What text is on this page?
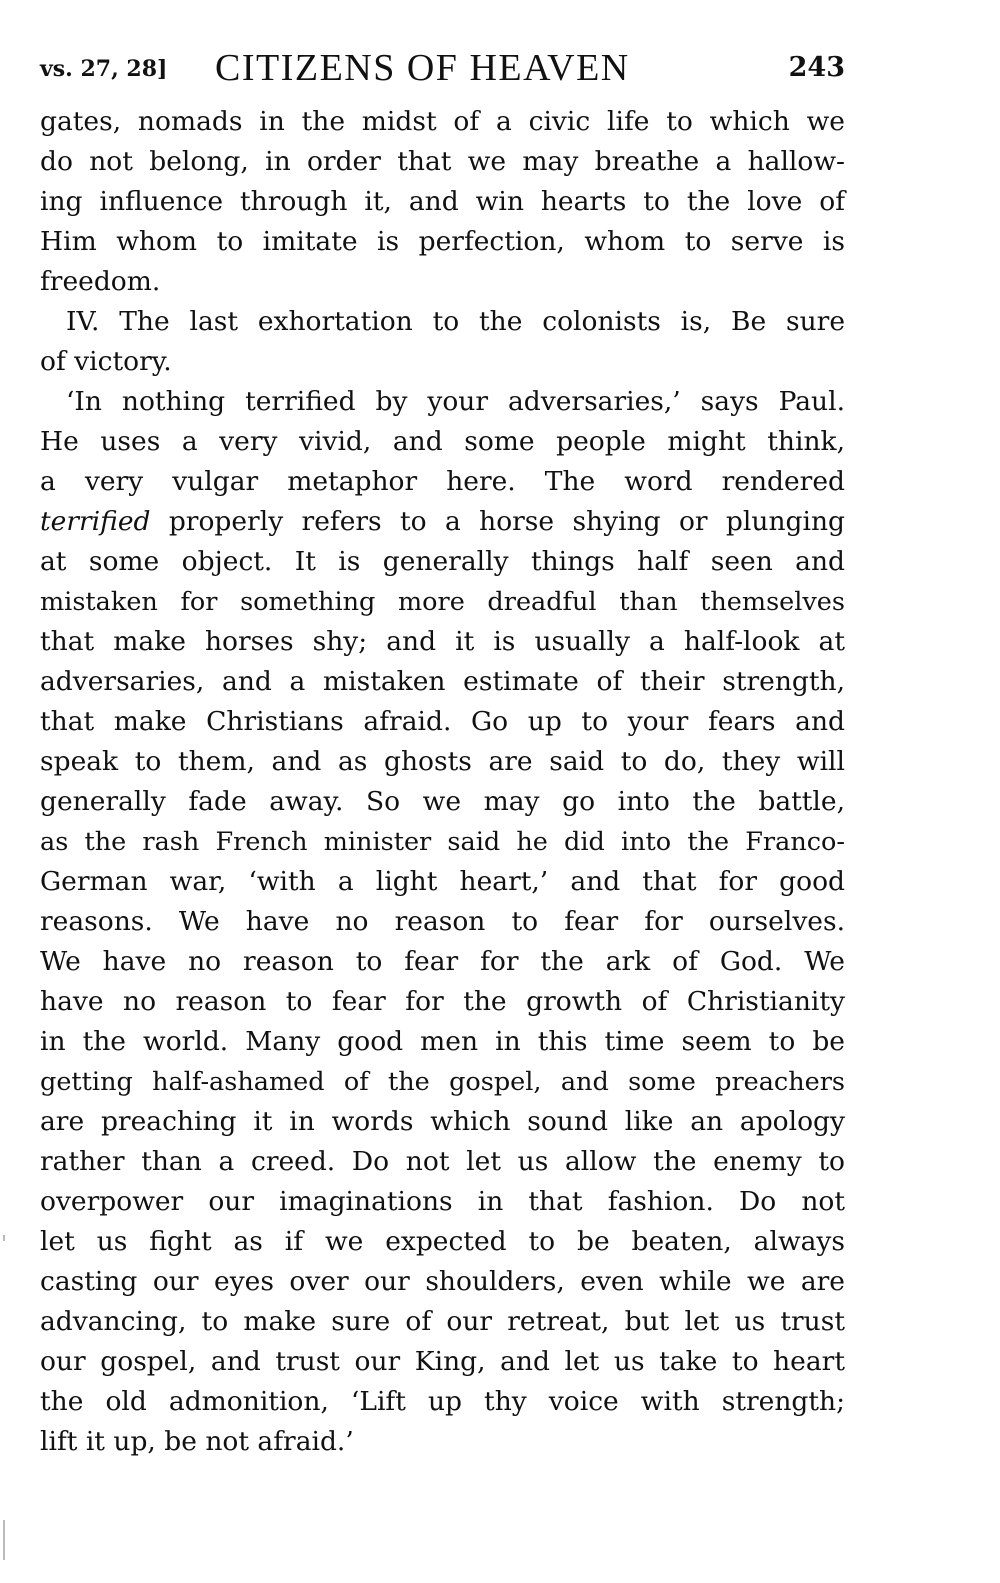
vs. 27, 28] CITIZENS OF HEAVEN	243
gates, nomads in the midst of a civic life to which we
do not belong, in order that we may breathe a hallow-
ing influence through it, and win hearts to the love of
Him whom to imitate is perfection, whom to serve is
freedom.
IV. The last exhortation to the colonists is, Be sure
of victory.
‘In nothing terrified by your adversaries,’ says Paul.
He uses a very vivid, and some people might think,
a very vulgar metaphor here. The word rendered
terrified properly refers to a horse shying or plunging
at some object. It is generally things half seen and
mistaken for something more dreadful than themselves
that make horses shy; and it is usually a half-look at
adversaries, and a mistaken estimate of their strength,
that make Christians afraid. Go up to your fears and
speak to them, and as ghosts are said to do, they will
generally fade away. So we may go into the battle,
as the rash French minister said he did into the Franco-
German war, ‘with a light heart,’ and that for good
reasons. We have no reason to fear for ourselves.
We have no reason to fear for the ark of God. We
have no reason to fear for the growth of Christianity
in the world. Many good men in this time seem to be
getting half-ashamed of the gospel, and some preachers
are preaching it in words which sound like an apology
rather than a creed. Do not let us allow the enemy to
overpower our imaginations in that fashion. Do not
let us fight as if we expected to be beaten, always
casting our eyes over our shoulders, even while we are
advancing, to make sure of our retreat, but let us trust
our gospel, and trust our King, and let us take to heart
the old admonition, ‘Lift up thy voice with strength;
lift it up, be not afraid.’
